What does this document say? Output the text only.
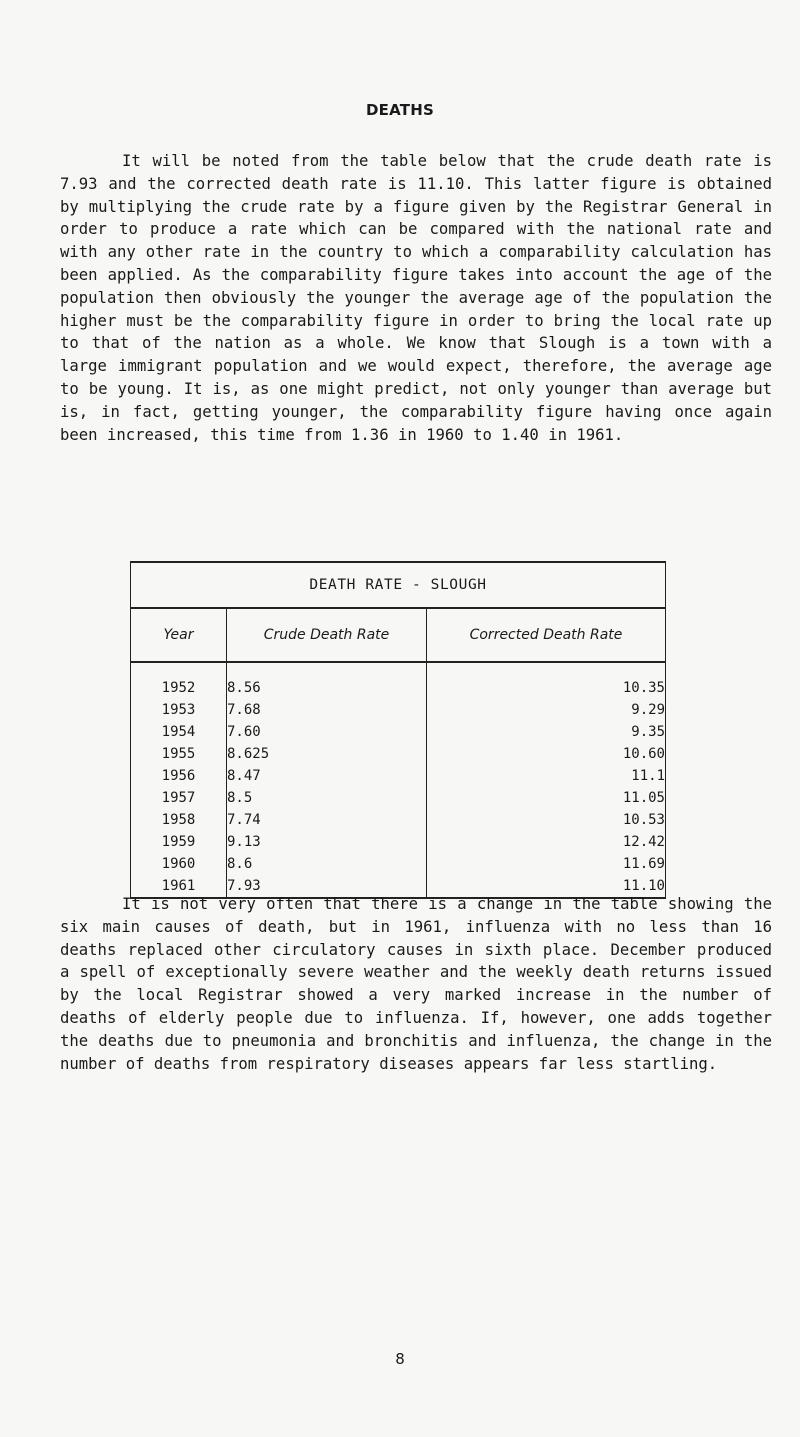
DEATHS

It will be noted from the table below that the crude death rate is 7.93 and the corrected death rate is 11.10. This latter figure is obtained by multiplying the crude rate by a figure given by the Registrar General in order to produce a rate which can be compared with the national rate and with any other rate in the country to which a comparability calculation has been applied. As the comparability figure takes into account the age of the population then obviously the younger the average age of the population the higher must be the comparability figure in order to bring the local rate up to that of the nation as a whole. We know that Slough is a town with a large immigrant population and we would expect, therefore, the average age to be young. It is, as one might predict, not only younger than average but is, in fact, getting younger, the comparability figure having once again been increased, this time from 1.36 in 1960 to 1.40 in 1961.

DEATH RATE - SLOUGH		
Year	Crude Death Rate	Corrected Death Rate
1952	8.56	10.35
1953	7.68	9.29
1954	7.60	9.35
1955	8.625	10.60
1956	8.47	11.1
1957	8.5	11.05
1958	7.74	10.53
1959	9.13	12.42
1960	8.6	11.69
1961	7.93	11.10

It is not very often that there is a change in the table showing the six main causes of death, but in 1961, influenza with no less than 16 deaths replaced other circulatory causes in sixth place. December produced a spell of exceptionally severe weather and the weekly death returns issued by the local Registrar showed a very marked increase in the number of deaths of elderly people due to influenza. If, however, one adds together the deaths due to pneumonia and bronchitis and influenza, the change in the number of deaths from respiratory diseases appears far less startling.

8
